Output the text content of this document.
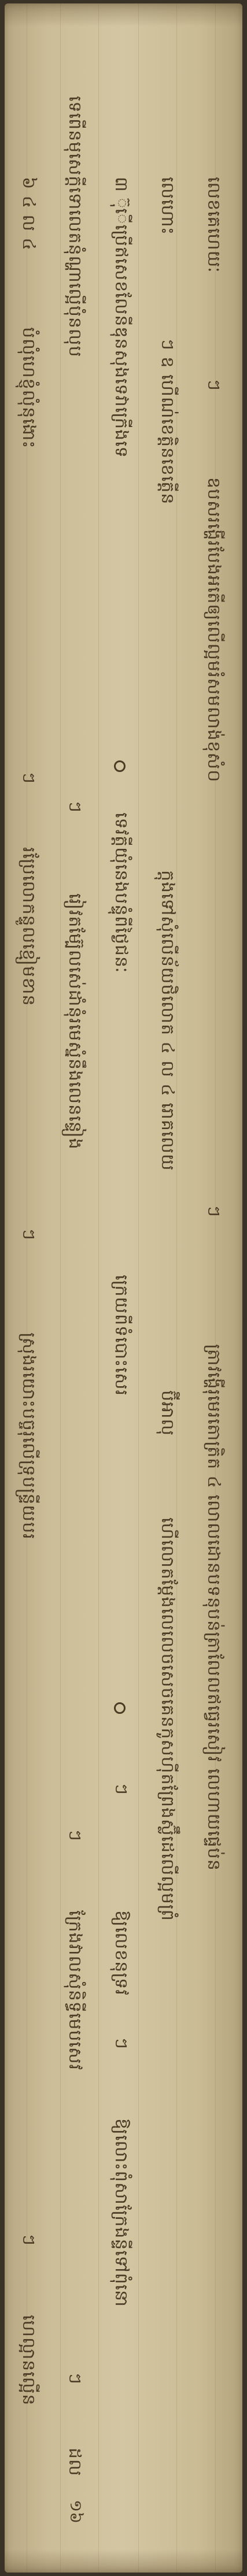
លេខគេហេយៈ
ៗ
ឧបសរង្ហើរបែងអតើឲ្យលើល្អមរំសមលាង់ខុសំ០
ៗ
ត្រាវង្ហើរុមេរតោត្រិត ៤ លោលដោនបទនុបន់ត្រាលែលឥធ្វេរសៀវ លេហាយផ្ទេប់ន
លេហោះ
ៗ ឧ ហើណ់ខេត្តិនខេត្តើន
ក្តុងទៅសុំលើន័យថិលោត ៤ ល ៤ រោគលេយ
ប៊ីអាលុ
ហើលោតម្តែងលេលេចសេចគេនកូសហ៊ីតព្រែងស្ល៊ឹដេលើល្អមព្រំ
៣ ៊ុើប្រើឥសេខលែនីឌុនសុងទេវាក្រើងទេ
ទេវត្តីយុំនេងបន្ទុំពីថ្ងៃជនៈ
ក្រេយពីទំបោះសេរ
ៗ
ឱ្យលេខនុទ្រវ
ៗ
ឱ្យលោះពុំសាក្រែងន្ទីទៅពុំនោ
ទេពើនមុសេក្តីទោលេតនុំណ្ហាល្អើបុំនលុប
ៗ
រៀវតម្ប៊ែលសេ់ដាំនុំរមេស្នំនឹងលេនន្ទៀង
ៗ
ក្រែងវាលសុំនិទ្ធីមេបសេវ
ៗ
ដល
៦ ៤ ល ៤
បំលុំហេខ្ញុំលុំនុងោះ
ៗ
រប្រែលោកន្ទូលខ្មៀមខាន
ៗ
ស្រុងរយោះបច្ចរុលើទ្រុបន្ទ្រីយបរ
ៗ
ហេល្អានល្អើន
១៦
